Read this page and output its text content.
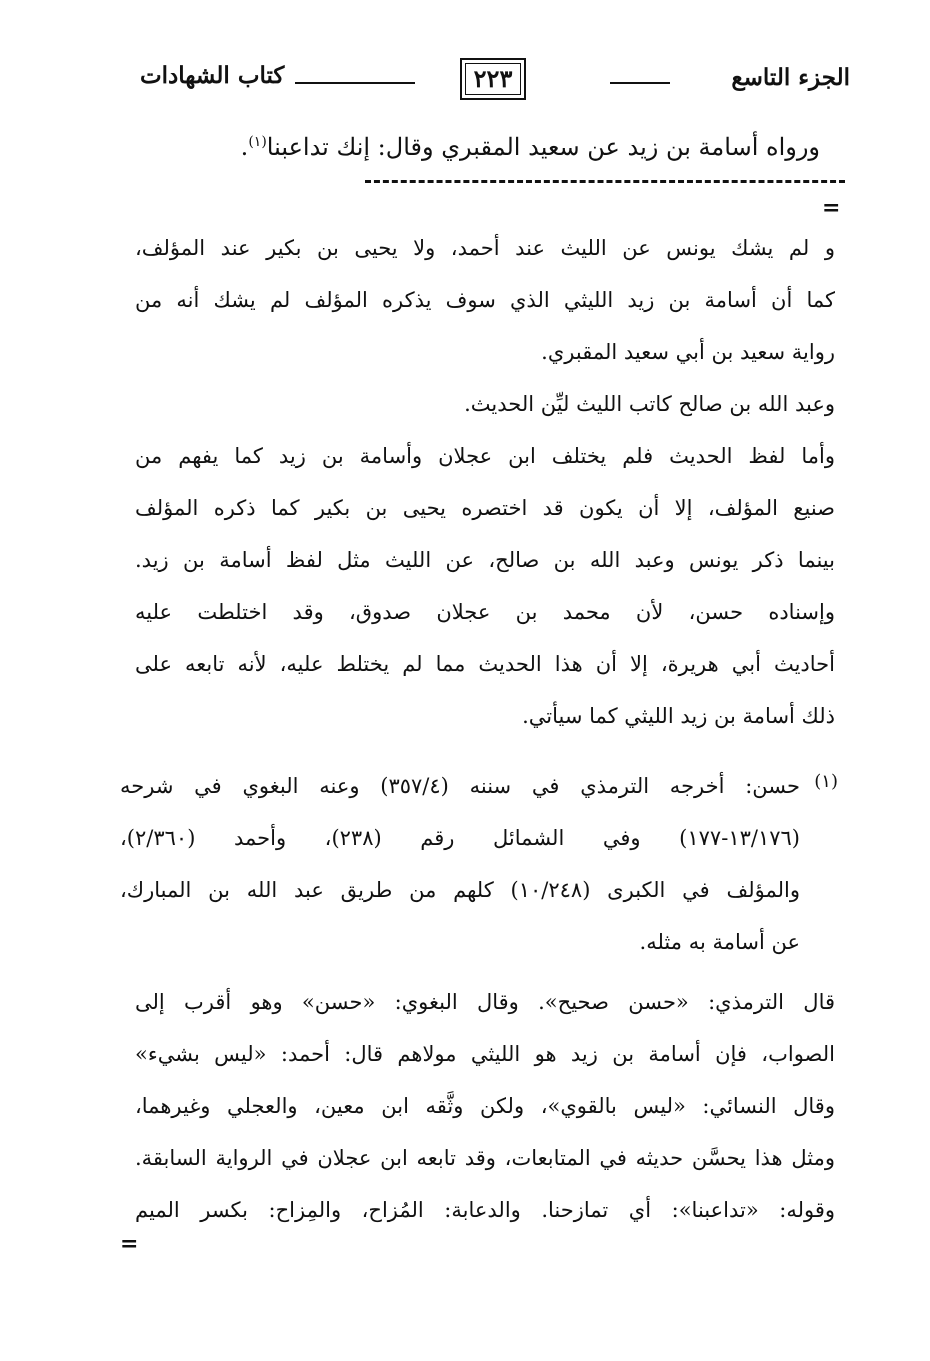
الجزء التاسع
٢٢٣
كتاب الشهادات
ورواه أسامة بن زيد عن سعيد المقبري وقال: إنك تداعبنا$^{(١)}$.
=
و لم يشك يونس عن الليث عند أحمد، ولا يحيى بن بكير عند المؤلف،
كما أن أسامة بن زيد الليثي الذي سوف يذكره المؤلف لم يشك أنه من
رواية سعيد بن أبي سعيد المقبري.
وعبد الله بن صالح كاتب الليث ليِّن الحديث.
وأما لفظ الحديث فلم يختلف ابن عجلان وأسامة بن زيد كما يفهم من
صنيع المؤلف، إلا أن يكون قد اختصره يحيى بن بكير كما ذكره المؤلف
بينما ذكر يونس وعبد الله بن صالح، عن الليث مثل لفظ أسامة بن زيد.
وإسناده حسن، لأن محمد بن عجلان صدوق، وقد اختلطت عليه
أحاديث أبي هريرة، إلا أن هذا الحديث مما لم يختلط عليه، لأنه تابعه على
ذلك أسامة بن زيد الليثي كما سيأتي.
(١)
حسن: أخرجه الترمذي في سننه (٣٥٧/٤) وعنه البغوي في شرحه
(١٣/١٧٦-١٧٧) وفي الشمائل رقم (٢٣٨)، وأحمد (٢/٣٦٠)،
والمؤلف في الكبرى (١٠/٢٤٨) كلهم من طريق عبد الله بن المبارك،
عن أسامة به مثله.
قال الترمذي: «حسن صحيح». وقال البغوي: «حسن» وهو أقرب إلى
الصواب، فإن أسامة بن زيد هو الليثي مولاهم قال: أحمد: «ليس بشيء»
وقال النسائي: «ليس بالقوي»، ولكن وثَّقه ابن معين، والعجلي وغيرهما،
ومثل هذا يحسَّن حديثه في المتابعات، وقد تابعه ابن عجلان في الرواية السابقة.
وقوله: «تداعبنا»: أي تمازحنا. والدعابة: المُزاح، والمِزاح: بكسر الميم
=
